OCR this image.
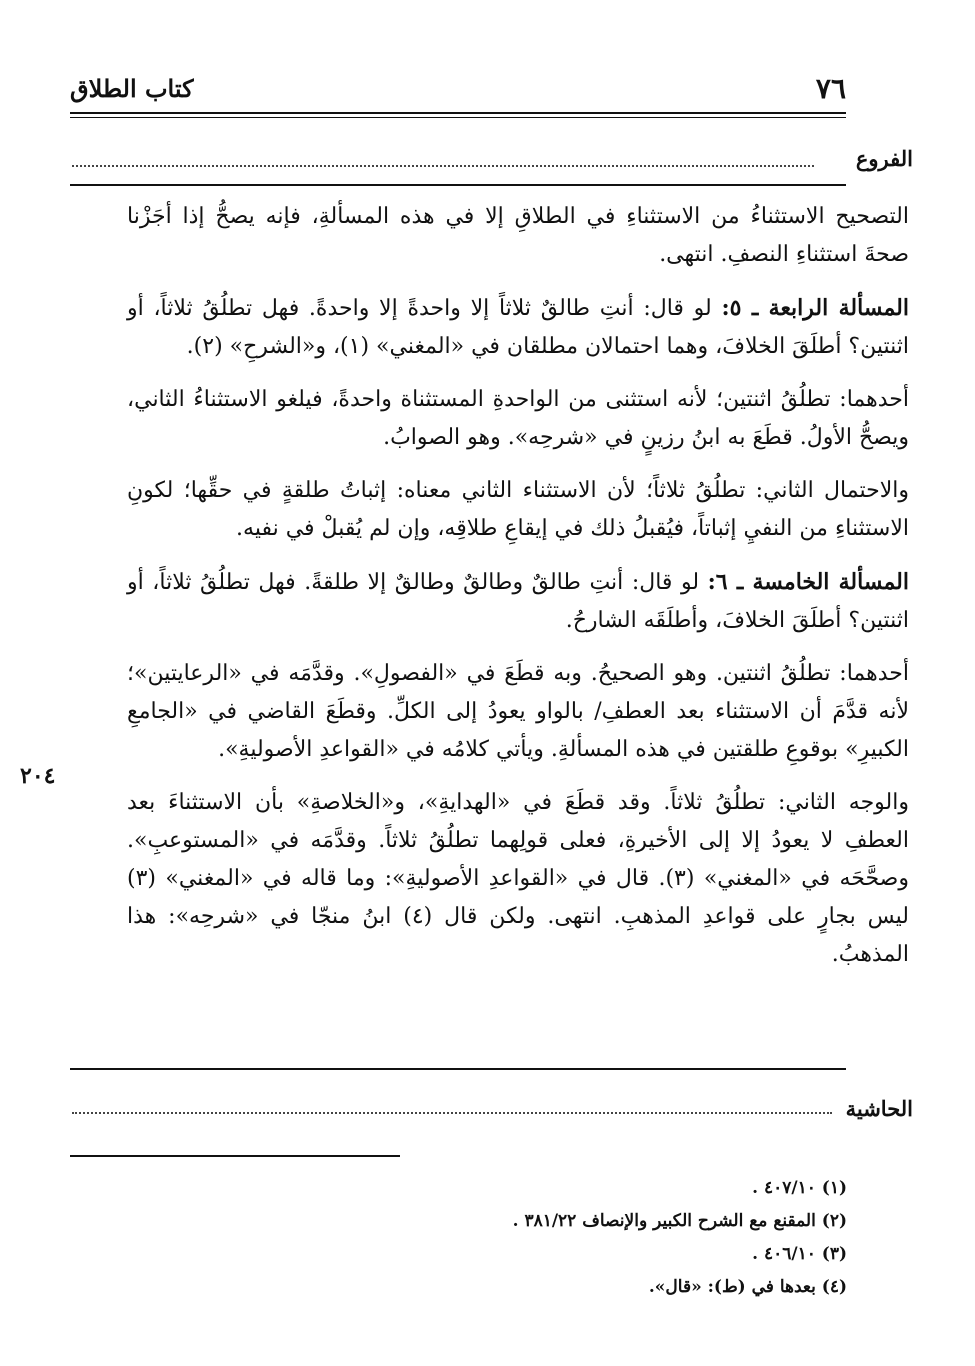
٧٦
كتاب الطلاق
الفروع

التصحيح الاستثناءُ من الاستثناءِ في الطلاقِ إلا في هذه المسألةِ، فإنه يصحُّ إذا أجَزْنا صحةَ استثناءِ النصفِ. انتهى.

المسألة الرابعة ـ ٥: لو قال: أنتِ طالقٌ ثلاثاً إلا واحدةً إلا واحدةً. فهل تطلُقُ ثلاثاً، أو اثنتين؟ أطلَقَ الخلافَ، وهما احتمالان مطلقان في «المغني» (١)، و«الشرحِ» (٢).

أحدهما: تطلُقُ اثنتين؛ لأنه استثنى من الواحدةِ المستثناة واحدةً، فيلغو الاستثناءُ الثاني، ويصحُّ الأولُ. قطَعَ به ابنُ رزينٍ في «شرحِه». وهو الصوابُ.

والاحتمال الثاني: تطلُقُ ثلاثاً؛ لأن الاستثناء الثاني معناه: إثباتُ طلقةٍ في حقِّها؛ لكونِ الاستثناءِ من النفيِ إثباتاً، فيُقبلُ ذلك في إيقاعِ طلاقِه، وإن لم يُقبلْ في نفيه.

المسألة الخامسة ـ ٦: لو قال: أنتِ طالقٌ وطالقٌ وطالقٌ إلا طلقةً. فهل تطلُقُ ثلاثاً، أو اثنتين؟ أطلَقَ الخلافَ، وأطلَقَه الشارحُ.

أحدهما: تطلُقُ اثنتين. وهو الصحيحُ. وبه قطَعَ في «الفصولِ». وقدَّمَه في «الرعايتين»؛ لأنه قدَّمَ أن الاستثناء بعد العطفِ/ بالواو يعودُ إلى الكلِّ. وقطَعَ القاضي في «الجامعِ الكبيرِ» بوقوعِ طلقتين في هذه المسألةِ. ويأتي كلامُه في «القواعدِ الأصوليةِ».

والوجه الثاني: تطلُقُ ثلاثاً. وقد قطَعَ في «الهدايةِ»، و«الخلاصةِ» بأن الاستثناءَ بعد العطفِ لا يعودُ إلا إلى الأخيرةِ، فعلى قولِهما تطلُقُ ثلاثاً. وقدَّمَه في «المستوعبِ». وصحَّحَه في «المغني» (٣). قال في «القواعدِ الأصوليةِ»: وما قاله في «المغني» (٣) ليس بجارٍ على قواعدِ المذهبِ. انتهى. ولكن قال (٤) ابنُ منجّا في «شرحِه»: هذا المذهبُ.

٢٠٤
الحاشية
(١) ٤٠٧/١٠ .
(٢) المقنع مع الشرح الكبير والإنصاف ٣٨١/٢٢ .
(٣) ٤٠٦/١٠ .
(٤) بعدها في (ط): «قال».
